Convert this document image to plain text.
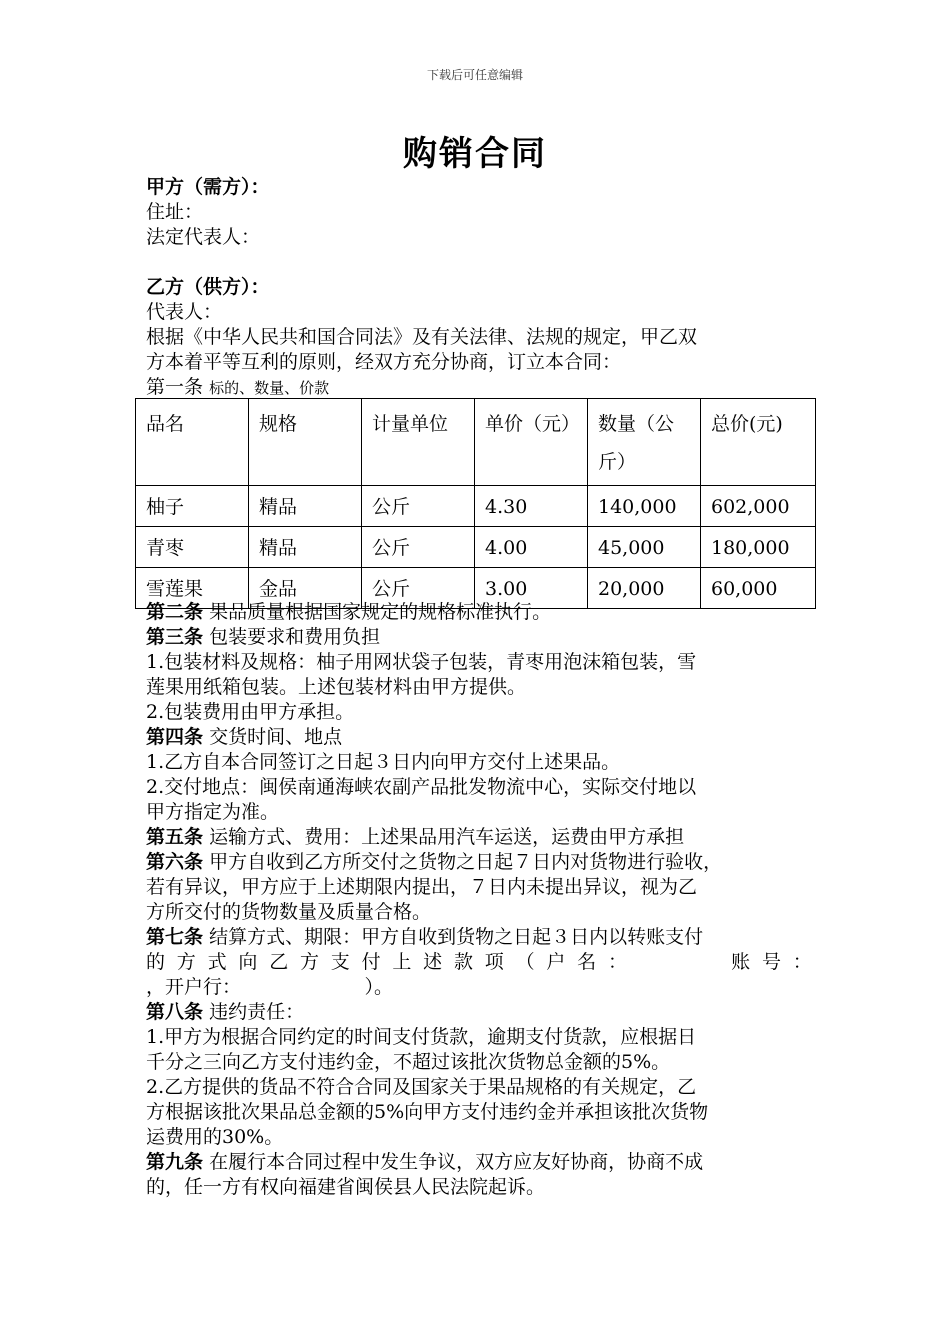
下载后可任意编辑
购销合同
甲方（需方）：
住址：
法定代表人：
乙方（供方）：
代表人：
根据《中华人民共和国合同法》及有关法律、法规的规定，甲乙双
方本着平等互利的原则，经双方充分协商，订立本合同：
第一条 标的、数量、价款
品名	规格	计量单位	单价（元）	数量（公斤）	总价(元)
柚子	精品	公斤	4.30	140,000	602,000
青枣	精品	公斤	4.00	45,000	180,000
雪莲果	金品	公斤	3.00	20,000	60,000
第二条 果品质量根据国家规定的规格标准执行。
第三条 包装要求和费用负担
1.包装材料及规格：柚子用网状袋子包装，青枣用泡沫箱包装，雪
莲果用纸箱包装。上述包装材料由甲方提供。
2.包装费用由甲方承担。
第四条 交货时间、地点
1.乙方自本合同签订之日起３日内向甲方交付上述果品。
2.交付地点：闽侯南通海峡农副产品批发物流中心，实际交付地以
甲方指定为准。
第五条 运输方式、费用：上述果品用汽车运送，运费由甲方承担
第六条 甲方自收到乙方所交付之货物之日起７日内对货物进行验收，
若有异议，甲方应于上述期限内提出，７日内未提出异议，视为乙
方所交付的货物数量及质量合格。
第七条 结算方式、期限：甲方自收到货物之日起３日内以转账支付
的 方 式 向 乙 方 支 付 上 述 款 项 （ 户 名 ：

　	账 号 ：
，开户行：　　　　　　　）。
第八条 违约责任：
1.甲方为根据合同约定的时间支付货款，逾期支付货款，应根据日
千分之三向乙方支付违约金，不超过该批次货物总金额的5%。
2.乙方提供的货品不符合合同及国家关于果品规格的有关规定，乙
方根据该批次果品总金额的5%向甲方支付违约金并承担该批次货物
运费用的30%。
第九条 在履行本合同过程中发生争议，双方应友好协商，协商不成
的，任一方有权向福建省闽侯县人民法院起诉。
